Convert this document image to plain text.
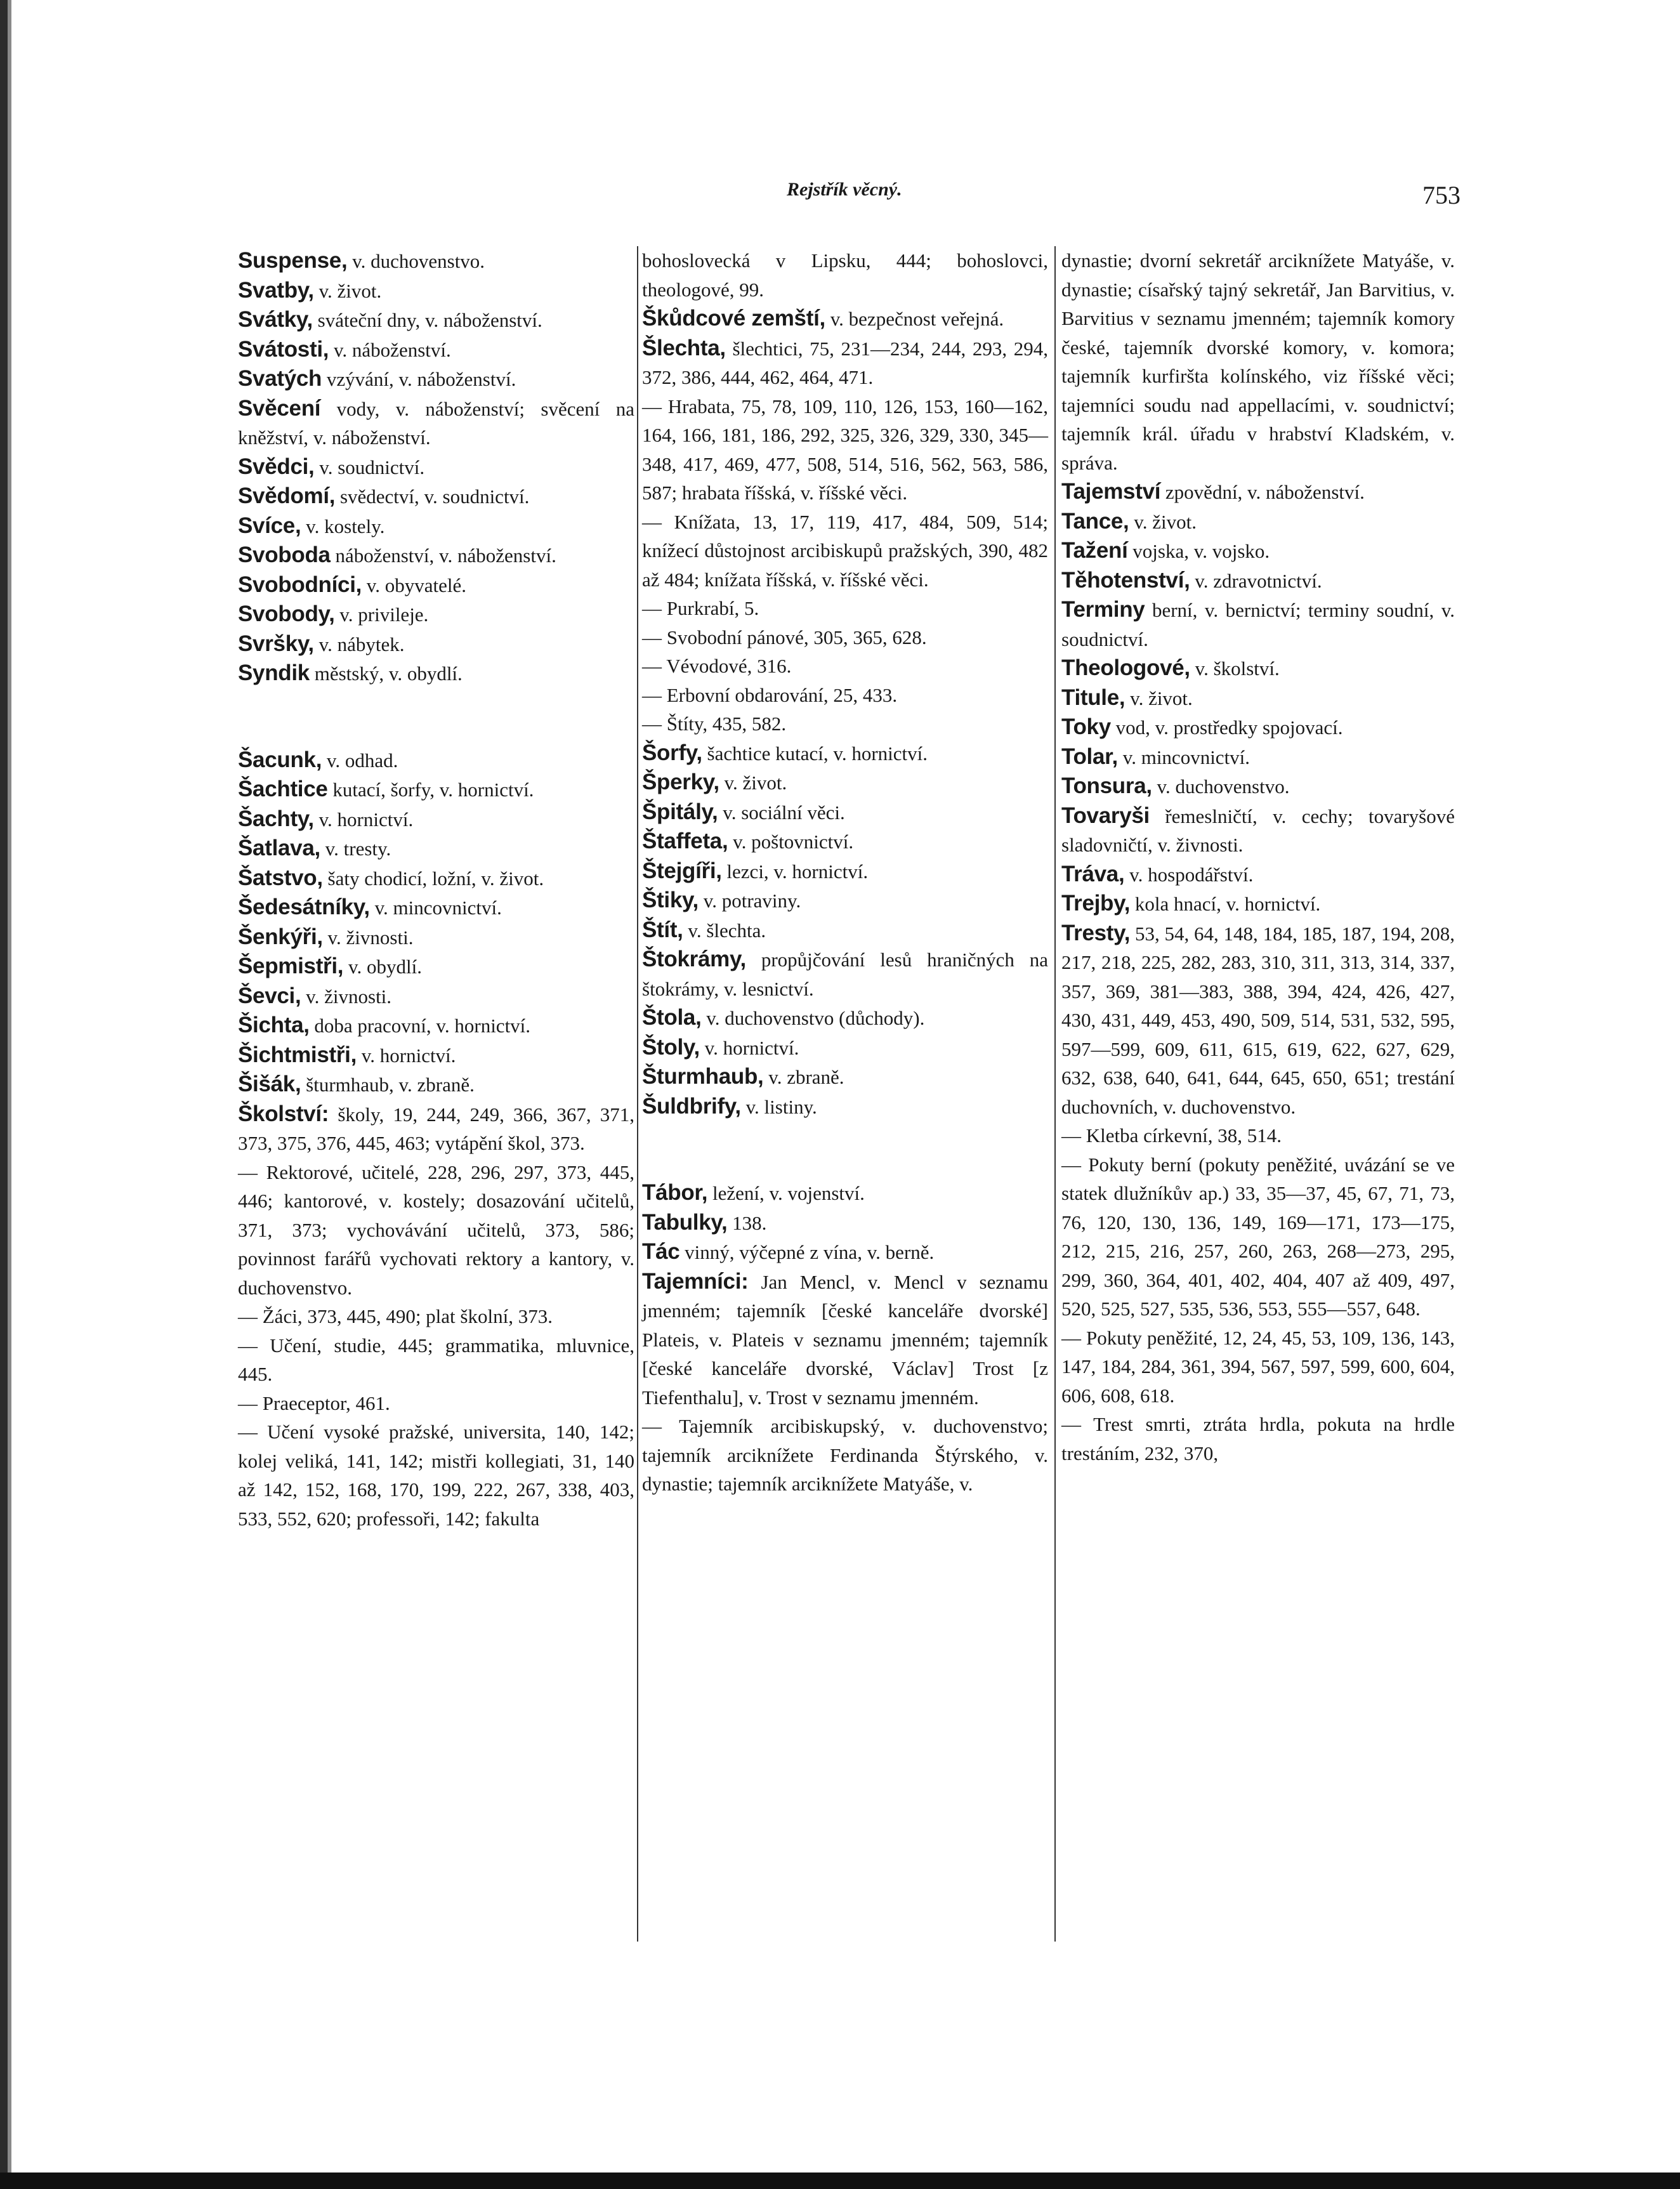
Rejstřík věcný.	753
Suspense, v. duchovenstvo.
Svatby, v. život.
Svátky, sváteční dny, v. náboženství.
Svátosti, v. náboženství.
Svatých vzývání, v. náboženství.
Svěcení vody, v. náboženství; svěcení na kněžství, v. náboženství.
Svědci, v. soudnictví.
Svědomí, svědectví, v. soudnictví.
Svíce, v. kostely.
Svoboda náboženství, v. náboženství.
Svobodníci, v. obyvatelé.
Svobody, v. privileje.
Svršky, v. nábytek.
Syndik městský, v. obydlí.
Šacunk, v. odhad.
Šachtice kutací, šorfy, v. hornictví.
Šachty, v. hornictví.
Šatlava, v. tresty.
Šatstvo, šaty chodicí, ložní, v. život.
Šedesátníky, v. mincovnictví.
Šenkýři, v. živnosti.
Šepmistři, v. obydlí.
Ševci, v. živnosti.
Šichta, doba pracovní, v. hornictví.
Šichtmistři, v. hornictví.
Šišák, šturmhaub, v. zbraně.
Školství: školy, 19, 244, 249, 366, 367, 371, 373, 375, 376, 445, 463; vytápění škol, 373.
— Rektorové, učitelé, 228, 296, 297, 373, 445, 446; kantorové, v. kostely; dosazování učitelů, 371, 373; vychovávání učitelů, 373, 586; povinnost farářů vychovati rektory a kantory, v. duchovenstvo.
— Žáci, 373, 445, 490; plat školní, 373.
— Učení, studie, 445; grammatika, mluvnice, 445.
— Praeceptor, 461.
— Učení vysoké pražské, universita, 140, 142; kolej veliká, 141, 142; mistři kollegiati, 31, 140 až 142, 152, 168, 170, 199, 222, 267, 338, 403, 533, 552, 620; professoři, 142; fakulta
bohoslovecká v Lipsku, 444; bohoslovci, theologové, 99.
Škůdcové zemští, v. bezpečnost veřejná.
Šlechta, šlechtici, 75, 231—234, 244, 293, 294, 372, 386, 444, 462, 464, 471.
— Hrabata, 75, 78, 109, 110, 126, 153, 160—162, 164, 166, 181, 186, 292, 325, 326, 329, 330, 345—348, 417, 469, 477, 508, 514, 516, 562, 563, 586, 587; hrabata říšská, v. říšské věci.
— Knížata, 13, 17, 119, 417, 484, 509, 514; knížecí důstojnost arcibiskupů pražských, 390, 482 až 484; knížata říšská, v. říšské věci.
— Purkrabí, 5.
— Svobodní pánové, 305, 365, 628.
— Vévodové, 316.
— Erbovní obdarování, 25, 433.
— Štíty, 435, 582.
Šorfy, šachtice kutací, v. hornictví.
Šperky, v. život.
Špitály, v. sociální věci.
Štaffeta, v. poštovnictví.
Štejgíři, lezci, v. hornictví.
Štiky, v. potraviny.
Štít, v. šlechta.
Štokrámy, propůjčování lesů hraničných na štokrámy, v. lesnictví.
Štola, v. duchovenstvo (důchody).
Štoly, v. hornictví.
Šturmhaub, v. zbraně.
Šuldbrify, v. listiny.
Tábor, ležení, v. vojenství.
Tabulky, 138.
Tác vinný, výčepné z vína, v. berně.
Tajemníci: Jan Mencl, v. Mencl v seznamu jmenném; tajemník [české kanceláře dvorské] Plateis, v. Plateis v seznamu jmenném; tajemník [české kanceláře dvorské, Václav] Trost [z Tiefenthalu], v. Trost v seznamu jmenném.
— Tajemník arcibiskupský, v. duchovenstvo; tajemník arciknížete Ferdinanda Štýrského, v. dynastie; tajemník arciknížete Matyáše, v.
dynastie; dvorní sekretář arciknížete Matyáše, v. dynastie; císařský tajný sekretář, Jan Barvitius, v. Barvitius v seznamu jmenném; tajemník komory české, tajemník dvorské komory, v. komora; tajemník kurfiršta kolínského, viz říšské věci; tajemníci soudu nad appellacími, v. soudnictví; tajemník král. úřadu v hrabství Kladském, v. správa.
Tajemství zpovědní, v. náboženství.
Tance, v. život.
Tažení vojska, v. vojsko.
Těhotenství, v. zdravotnictví.
Terminy berní, v. bernictví; terminy soudní, v. soudnictví.
Theologové, v. školství.
Titule, v. život.
Toky vod, v. prostředky spojovací.
Tolar, v. mincovnictví.
Tonsura, v. duchovenstvo.
Tovaryši řemeslničtí, v. cechy; tovaryšové sladovničtí, v. živnosti.
Tráva, v. hospodářství.
Trejby, kola hnací, v. hornictví.
Tresty, 53, 54, 64, 148, 184, 185, 187, 194, 208, 217, 218, 225, 282, 283, 310, 311, 313, 314, 337, 357, 369, 381—383, 388, 394, 424, 426, 427, 430, 431, 449, 453, 490, 509, 514, 531, 532, 595, 597—599, 609, 611, 615, 619, 622, 627, 629, 632, 638, 640, 641, 644, 645, 650, 651; trestání duchovních, v. duchovenstvo.
— Kletba církevní, 38, 514.
— Pokuty berní (pokuty peněžité, uvázání se ve statek dlužníkův ap.) 33, 35—37, 45, 67, 71, 73, 76, 120, 130, 136, 149, 169—171, 173—175, 212, 215, 216, 257, 260, 263, 268—273, 295, 299, 360, 364, 401, 402, 404, 407 až 409, 497, 520, 525, 527, 535, 536, 553, 555—557, 648.
— Pokuty peněžité, 12, 24, 45, 53, 109, 136, 143, 147, 184, 284, 361, 394, 567, 597, 599, 600, 604, 606, 608, 618.
— Trest smrti, ztráta hrdla, pokuta na hrdle trestáním, 232, 370,
